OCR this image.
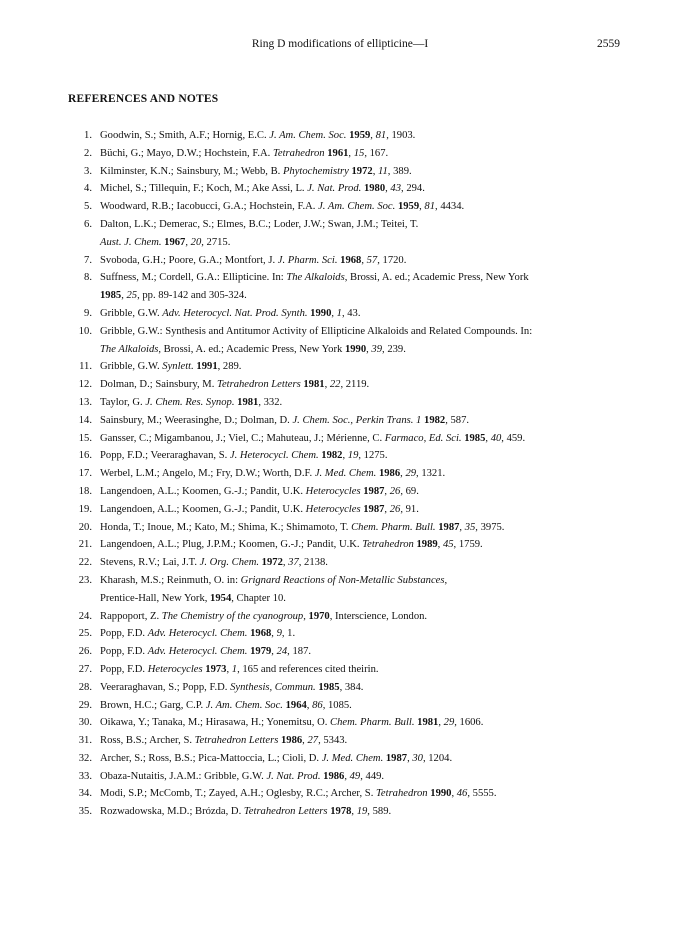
Ring D modifications of ellipticine—I	2559
REFERENCES AND NOTES
1. Goodwin, S.; Smith, A.F.; Hornig, E.C. J. Am. Chem. Soc. 1959, 81, 1903.
2. Büchi, G.; Mayo, D.W.; Hochstein, F.A. Tetrahedron 1961, 15, 167.
3. Kilminster, K.N.; Sainsbury, M.; Webb, B. Phytochemistry 1972, 11, 389.
4. Michel, S.; Tillequin, F.; Koch, M.; Ake Assi, L. J. Nat. Prod. 1980, 43, 294.
5. Woodward, R.B.; Iacobucci, G.A.; Hochstein, F.A. J. Am. Chem. Soc. 1959, 81, 4434.
6. Dalton, L.K.; Demerac, S.; Elmes, B.C.; Loder, J.W.; Swan, J.M.; Teitei, T.
Aust. J. Chem. 1967, 20, 2715.
7. Svoboda, G.H.; Poore, G.A.; Montfort, J. J. Pharm. Sci. 1968, 57, 1720.
8. Suffness, M.; Cordell, G.A.: Ellipticine. In: The Alkaloids, Brossi, A. ed.; Academic Press, New York
1985, 25, pp. 89-142 and 305-324.
9. Gribble, G.W. Adv. Heterocycl. Nat. Prod. Synth. 1990, 1, 43.
10. Gribble, G.W.: Synthesis and Antitumor Activity of Ellipticine Alkaloids and Related Compounds. In:
The Alkaloids, Brossi, A. ed.; Academic Press, New York 1990, 39, 239.
11. Gribble, G.W. Synlett. 1991, 289.
12. Dolman, D.; Sainsbury, M. Tetrahedron Letters 1981, 22, 2119.
13. Taylor, G. J. Chem. Res. Synop. 1981, 332.
14. Sainsbury, M.; Weerasinghe, D.; Dolman, D. J. Chem. Soc., Perkin Trans. 1 1982, 587.
15. Gansser, C.; Migambanou, J.; Viel, C.; Mahuteau, J.; Mérienne, C. Farmaco, Ed. Sci. 1985, 40, 459.
16. Popp, F.D.; Veeraraghavan, S. J. Heterocycl. Chem. 1982, 19, 1275.
17. Werbel, L.M.; Angelo, M.; Fry, D.W.; Worth, D.F. J. Med. Chem. 1986, 29, 1321.
18. Langendoen, A.L.; Koomen, G.-J.; Pandit, U.K. Heterocycles 1987, 26, 69.
19. Langendoen, A.L.; Koomen, G.-J.; Pandit, U.K. Heterocycles 1987, 26, 91.
20. Honda, T.; Inoue, M.; Kato, M.; Shima, K.; Shimamoto, T. Chem. Pharm. Bull. 1987, 35, 3975.
21. Langendoen, A.L.; Plug, J.P.M.; Koomen, G.-J.; Pandit, U.K. Tetrahedron 1989, 45, 1759.
22. Stevens, R.V.; Lai, J.T. J. Org. Chem. 1972, 37, 2138.
23. Kharash, M.S.; Reinmuth, O. in: Grignard Reactions of Non-Metallic Substances,
Prentice-Hall, New York, 1954, Chapter 10.
24. Rappoport, Z. The Chemistry of the cyanogroup, 1970, Interscience, London.
25. Popp, F.D. Adv. Heterocycl. Chem. 1968, 9, 1.
26. Popp, F.D. Adv. Heterocycl. Chem. 1979, 24, 187.
27. Popp, F.D. Heterocycles 1973, 1, 165 and references cited theirin.
28. Veeraraghavan, S.; Popp, F.D. Synthesis, Commun. 1985, 384.
29. Brown, H.C.; Garg, C.P. J. Am. Chem. Soc. 1964, 86, 1085.
30. Oikawa, Y.; Tanaka, M.; Hirasawa, H.; Yonemitsu, O. Chem. Pharm. Bull. 1981, 29, 1606.
31. Ross, B.S.; Archer, S. Tetrahedron Letters 1986, 27, 5343.
32. Archer, S.; Ross, B.S.; Pica-Mattoccia, L.; Cioli, D. J. Med. Chem. 1987, 30, 1204.
33. Obaza-Nutaitis, J.A.M.: Gribble, G.W. J. Nat. Prod. 1986, 49, 449.
34. Modi, S.P.; McComb, T.; Zayed, A.H.; Oglesby, R.C.; Archer, S. Tetrahedron 1990, 46, 5555.
35. Rozwadowska, M.D.; Brózda, D. Tetrahedron Letters 1978, 19, 589.
